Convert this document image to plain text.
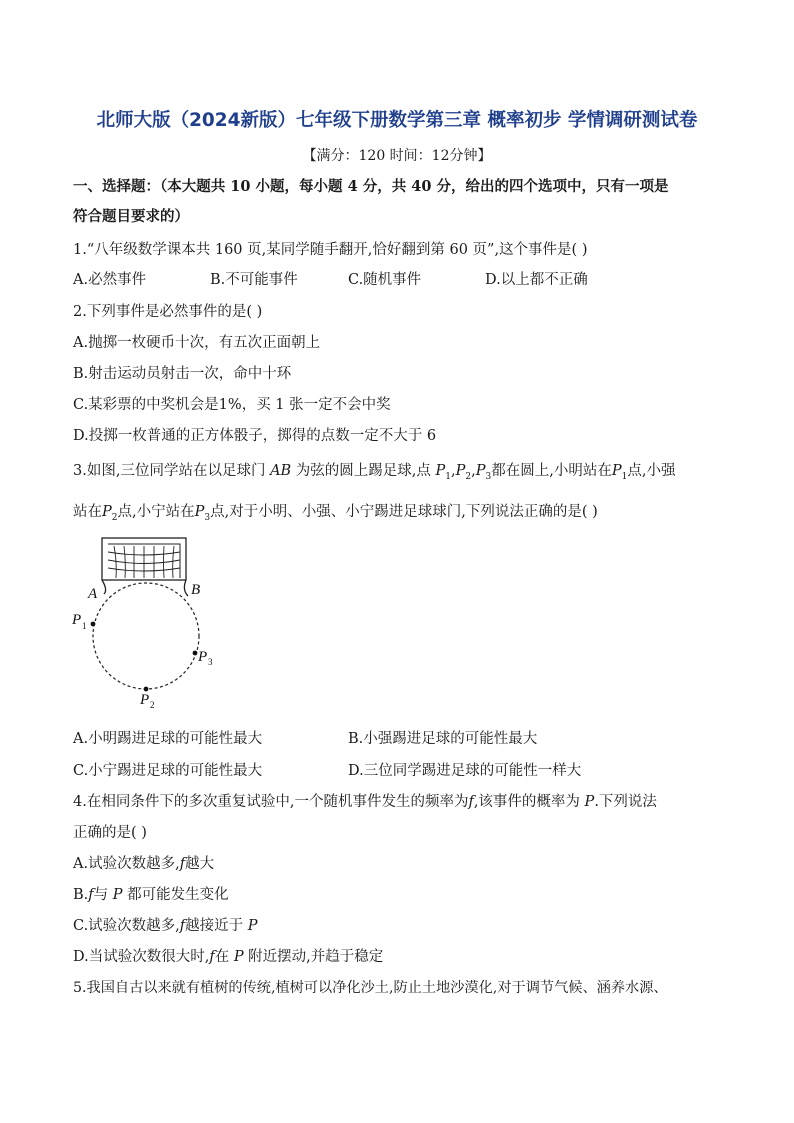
北师大版（2024新版）七年级下册数学第三章 概率初步 学情调研测试卷
【满分：120 时间：12分钟】
一、选择题：（本大题共 10 小题，每小题 4 分，共 40 分，给出的四个选项中，只有一项是
符合题目要求的）
1.“八年级数学课本共 160 页,某同学随手翻开,恰好翻到第 60 页”,这个事件是( )
A.必然事件	B.不可能事件	C.随机事件	D.以上都不正确
2.下列事件是必然事件的是( )
A.抛掷一枚硬币十次，有五次正面朝上
B.射击运动员射击一次，命中十环
C.某彩票的中奖机会是1%，买 1 张一定不会中奖
D.投掷一枚普通的正方体骰子，掷得的点数一定不大于 6
3.如图,三位同学站在以足球门 AB 为弦的圆上踢足球,点 $P_1,P_2,P_3$都在圆上,小明站在$P_1$点,小强
站在$P_2$点,小宁站在$P_3$点,对于小明、小强、小宁踢进足球球门,下列说法正确的是( )
A	B
P
P
P
1
2
3
A.小明踢进足球的可能性最大	B.小强踢进足球的可能性最大
C.小宁踢进足球的可能性最大	D.三位同学踢进足球的可能性一样大
4.在相同条件下的多次重复试验中,一个随机事件发生的频率为f,该事件的概率为 P.下列说法
正确的是( )
A.试验次数越多,f越大
B.f与 P 都可能发生变化
C.试验次数越多,f越接近于 P
D.当试验次数很大时,f在 P 附近摆动,并趋于稳定
5.我国自古以来就有植树的传统,植树可以净化沙土,防止土地沙漠化,对于调节气候、涵养水源、
